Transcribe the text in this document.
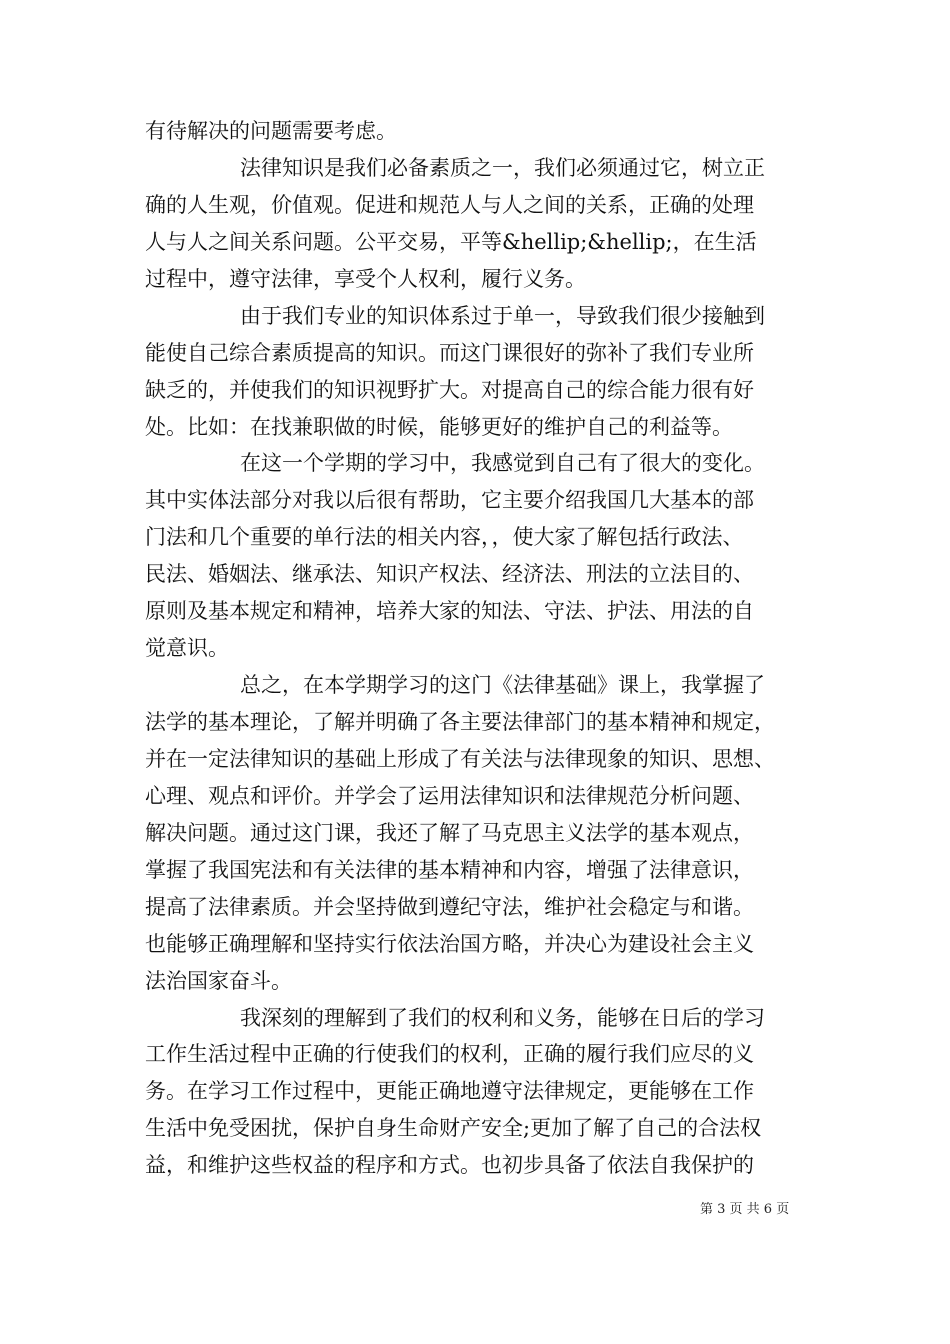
有待解决的问题需要考虑。
法律知识是我们必备素质之一，我们必须通过它，树立正
确的人生观，价值观。促进和规范人与人之间的关系，正确的处理
人与人之间关系问题。公平交易，平等&hellip;&hellip;，在生活
过程中，遵守法律，享受个人权利，履行义务。
由于我们专业的知识体系过于单一，导致我们很少接触到
能使自己综合素质提高的知识。而这门课很好的弥补了我们专业所
缺乏的，并使我们的知识视野扩大。对提高自己的综合能力很有好
处。比如：在找兼职做的时候，能够更好的维护自己的利益等。
在这一个学期的学习中，我感觉到自己有了很大的变化。
其中实体法部分对我以后很有帮助，它主要介绍我国几大基本的部
门法和几个重要的单行法的相关内容，，使大家了解包括行政法、
民法、婚姻法、继承法、知识产权法、经济法、刑法的立法目的、
原则及基本规定和精神，培养大家的知法、守法、护法、用法的自
觉意识。
总之，在本学期学习的这门《法律基础》课上，我掌握了
法学的基本理论，了解并明确了各主要法律部门的基本精神和规定，
并在一定法律知识的基础上形成了有关法与法律现象的知识、思想、
心理、观点和评价。并学会了运用法律知识和法律规范分析问题、
解决问题。通过这门课，我还了解了马克思主义法学的基本观点，
掌握了我国宪法和有关法律的基本精神和内容，增强了法律意识，
提高了法律素质。并会坚持做到遵纪守法，维护社会稳定与和谐。
也能够正确理解和坚持实行依法治国方略，并决心为建设社会主义
法治国家奋斗。
我深刻的理解到了我们的权利和义务，能够在日后的学习
工作生活过程中正确的行使我们的权利，正确的履行我们应尽的义
务。在学习工作过程中，更能正确地遵守法律规定，更能够在工作
生活中免受困扰，保护自身生命财产安全;更加了解了自己的合法权
益，和维护这些权益的程序和方式。也初步具备了依法自我保护的
第 3 页 共 6 页
